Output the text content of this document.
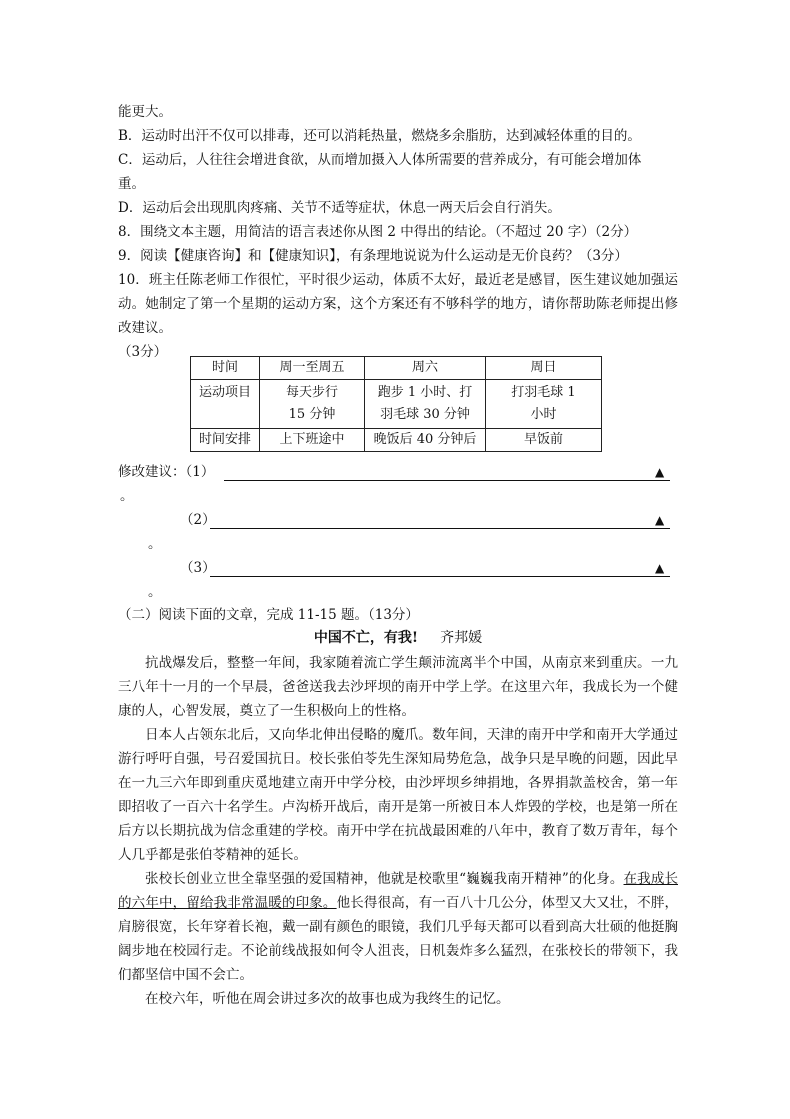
能更大。
B．运动时出汗不仅可以排毒，还可以消耗热量，燃烧多余脂肪，达到减轻体重的目的。
C．运动后，人往往会增进食欲，从而增加摄入人体所需要的营养成分，有可能会增加体
重。
D．运动后会出现肌肉疼痛、关节不适等症状，休息一两天后会自行消失。
8．围绕文本主题，用简洁的语言表述你从图 2 中得出的结论。（不超过 20 字）（2分）
9．阅读【健康咨询】和【健康知识】，有条理地说说为什么运动是无价良药？（3分）
10．班主任陈老师工作很忙，平时很少运动，体质不太好，最近老是感冒，医生建议她加强运动。她制定了第一个星期的运动方案，这个方案还有不够科学的地方，请你帮助陈老师提出修改建议。
（3分）
时间	周一至周五	周六	周日
运动项目	每天步行 15 分钟	跑步 1 小时、打羽毛球 30 分钟	打羽毛球 1 小时
时间安排	上下班途中	晚饭后 40 分钟后	早饭前
修改建议：（1）	▲
。
（2）	▲
。
（3）	▲
。
（二）阅读下面的文章，完成 11-15 题。（13分）
中国不亡，有我! 齐邦媛
抗战爆发后，整整一年间，我家随着流亡学生颠沛流离半个中国，从南京来到重庆。一九三八年十一月的一个早晨，爸爸送我去沙坪坝的南开中学上学。在这里六年，我成长为一个健康的人，心智发展，奠立了一生积极向上的性格。
日本人占领东北后，又向华北伸出侵略的魔爪。数年间，天津的南开中学和南开大学通过游行呼吁自强，号召爱国抗日。校长张伯苓先生深知局势危急，战争只是早晚的问题，因此早在一九三六年即到重庆觅地建立南开中学分校，由沙坪坝乡绅捐地，各界捐款盖校舍，第一年即招收了一百六十名学生。卢沟桥开战后，南开是第一所被日本人炸毁的学校，也是第一所在后方以长期抗战为信念重建的学校。南开中学在抗战最困难的八年中，教育了数万青年，每个人几乎都是张伯苓精神的延长。
张校长创业立世全靠坚强的爱国精神，他就是校歌里“巍巍我南开精神”的化身。在我成长的六年中，留给我非常温暖的印象。他长得很高，有一百八十几公分，体型又大又壮，不胖，肩膀很宽，长年穿着长袍，戴一副有颜色的眼镜，我们几乎每天都可以看到高大壮硕的他挺胸阔步地在校园行走。不论前线战报如何令人沮丧，日机轰炸多么猛烈，在张校长的带领下，我们都坚信中国不会亡。
在校六年，听他在周会讲过多次的故事也成为我终生的记忆。
